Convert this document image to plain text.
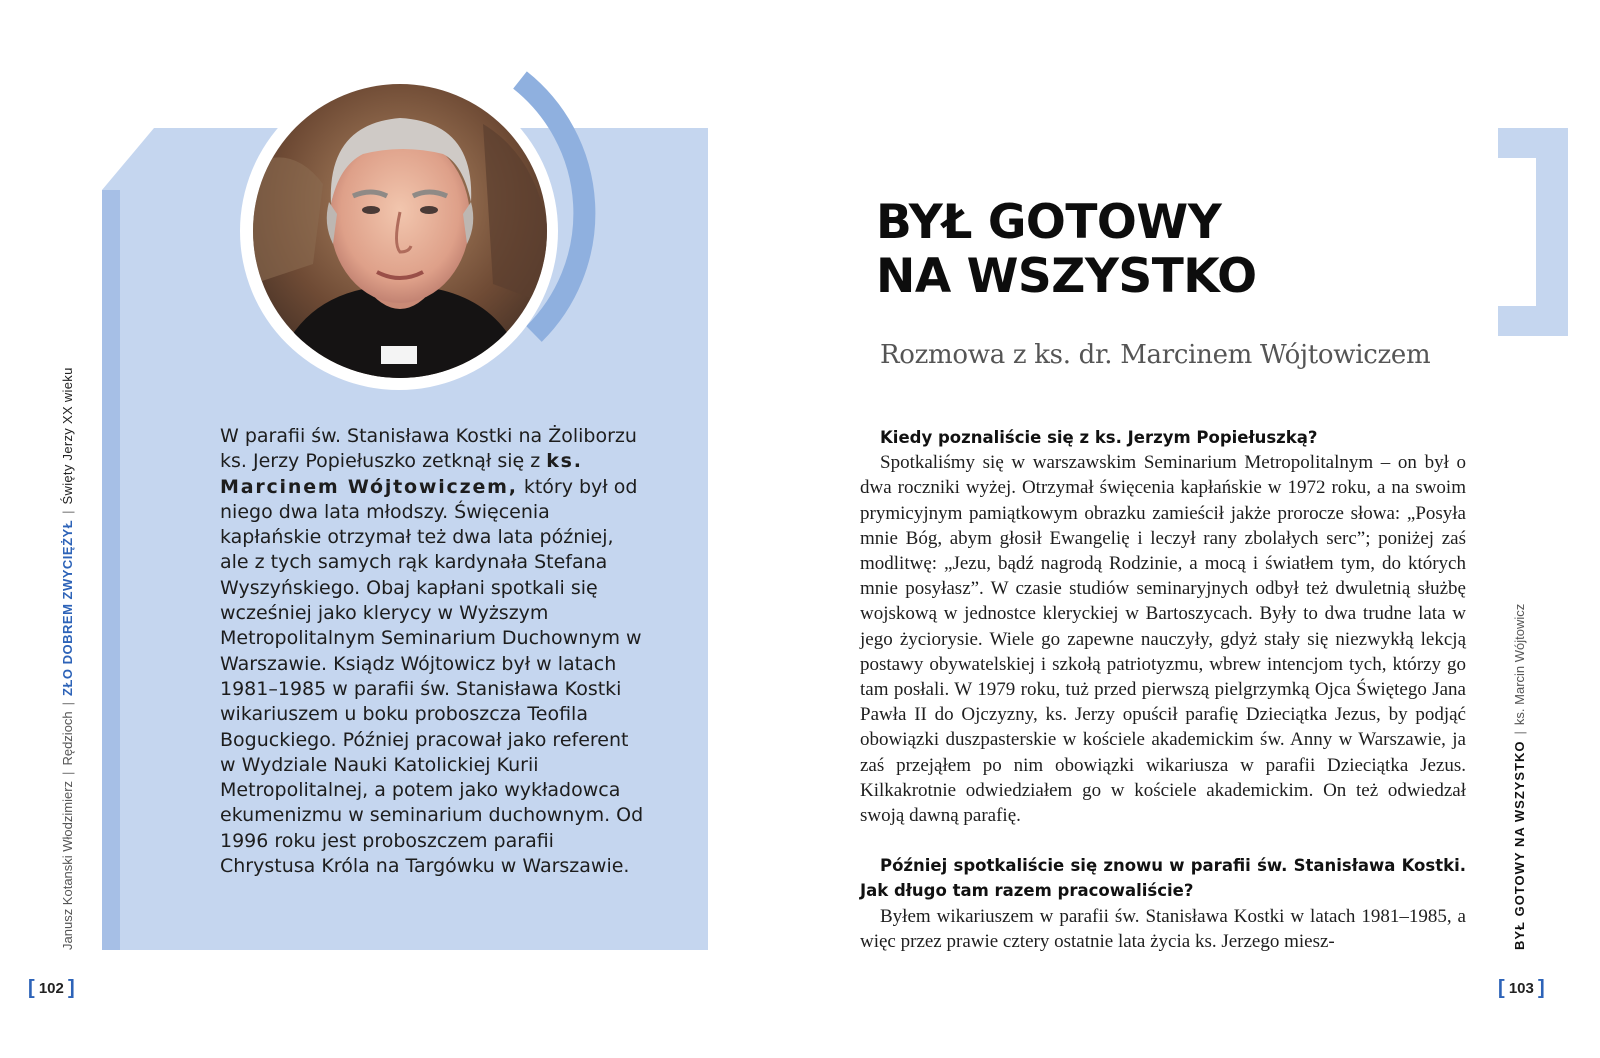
W parafii św. Stanisława Kostki na Żoliborzu ks. Jerzy Popiełuszko zetknął się z ks. Marcinem Wójtowiczem, który był od niego dwa lata młodszy. Święcenia kapłańskie otrzymał też dwa lata później, ale z tych samych rąk kardynała Stefana Wyszyńskiego. Obaj kapłani spotkali się wcześniej jako klerycy w Wyższym Metropolitalnym Seminarium Duchownym w Warszawie. Ksiądz Wójtowicz był w latach 1981–1985 w parafii św. Stanisława Kostki wikariuszem u boku proboszcza Teofila Boguckiego. Później pracował jako referent w Wydziale Nauki Katolickiej Kurii Metropolitalnej, a potem jako wykładowca ekumenizmu w seminarium duchownym. Od 1996 roku jest proboszczem parafii Chrystusa Króla na Targówku w Warszawie.
Janusz Kotanski Włodzimierz|Rędzioch|ZŁO DOBREM ZWYCIĘŻYŁ|Święty Jerzy XX wieku
[ 102 ]
BYŁ GOTOWY
NA WSZYSTKO
Rozmowa z ks. dr. Marcinem Wójtowiczem
Kiedy poznaliście się z ks. Jerzym Popiełuszką?

Spotkaliśmy się w warszawskim Seminarium Metropolitalnym – on był o dwa roczniki wyżej. Otrzymał święcenia kapłańskie w 1972 roku, a na swoim prymicyjnym pamiątkowym obrazku zamieścił jakże proroczе słowa: „Posyła mnie Bóg, abym głosił Ewangelię i leczył rany zbolałych serc”; poniżej zaś modlitwę: „Jezu, bądź nagrodą Rodzinie, a mocą i światłem tym, do których mnie posyłasz”. W czasie studiów seminaryjnych odbył też dwuletnią służbę wojskową w jednostce kleryckiej w Bartoszycach. Były to dwa trudne lata w jego życiorysie. Wiele go zapewne nauczyły, gdyż stały się niezwykłą lekcją postawy obywatelskiej i szkołą patriotyzmu, wbrew intencjom tych, którzy go tam posłali. W 1979 roku, tuż przed pierwszą pielgrzymką Ojca Świętego Jana Pawła II do Ojczyzny, ks. Jerzy opuścił parafię Dzieciątka Jezus, by podjąć obowiązki duszpasterskie w kościele akademickim św. Anny w Warszawie, ja zaś przejąłem po nim obowiązki wikariusza w parafii Dzieciątka Jezus. Kilkakrotnie odwiedziałem go w kościele akademickim. On też odwiedzał swoją dawną parafię.

Później spotkaliście się znowu w parafii św. Stanisława Kostki. Jak długo tam razem pracowaliście?

Byłem wikariuszem w parafii św. Stanisława Kostki w latach 1981–1985, a więc przez prawie cztery ostatnie lata życia ks. Jerzego miesz-	BYŁ GOTOWY NA WSZYSTKO|ks. Marcin Wójtowicz
[ 103 ]
